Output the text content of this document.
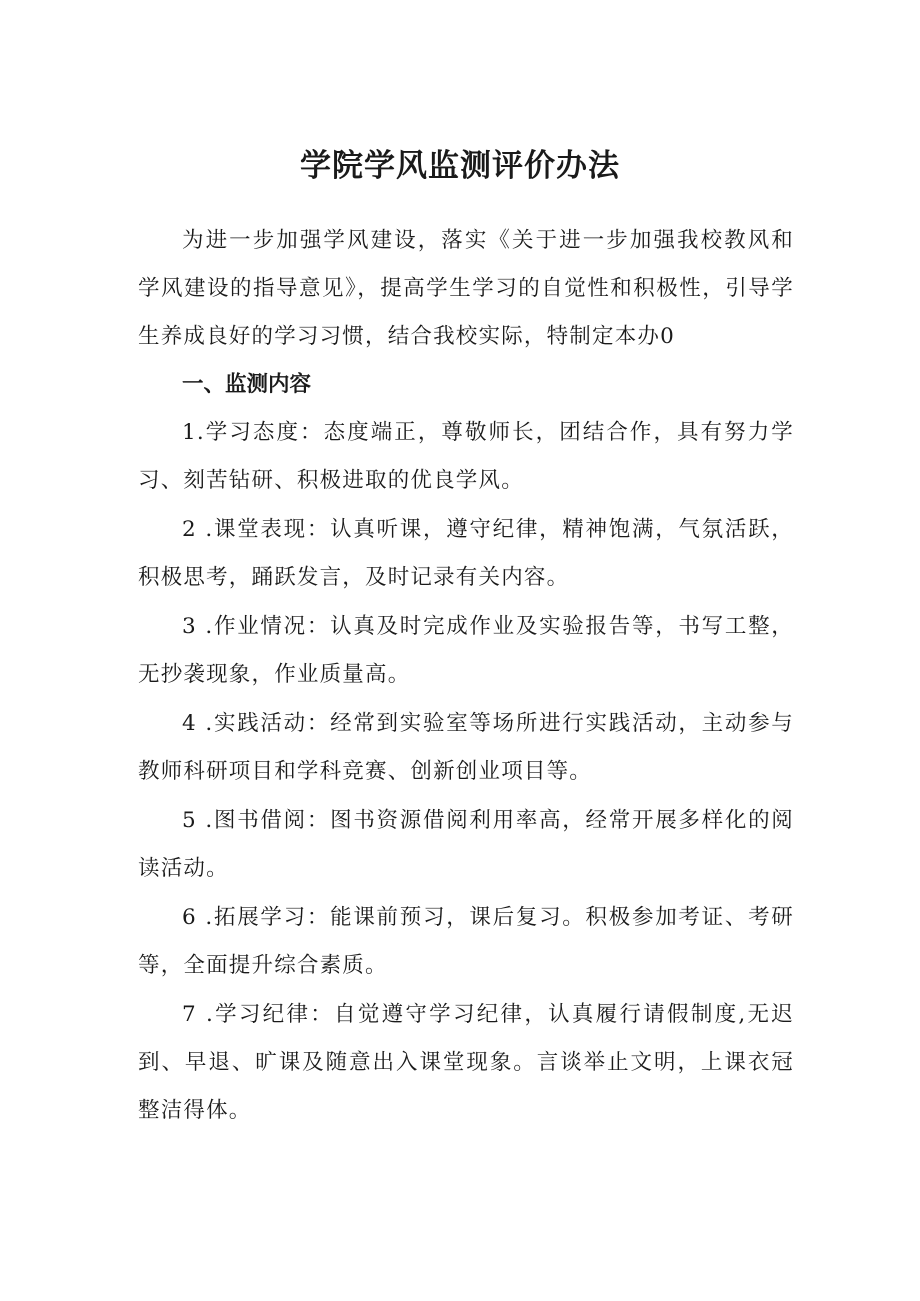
学院学风监测评价办法

为进一步加强学风建设，落实《关于进一步加强我校教风和学风建设的指导意见》，提高学生学习的自觉性和积极性，引导学生养成良好的学习习惯，结合我校实际，特制定本办0

一、监测内容

1.学习态度：态度端正，尊敬师长，团结合作，具有努力学习、刻苦钻研、积极进取的优良学风。

2 .课堂表现：认真听课，遵守纪律，精神饱满，气氛活跃，积极思考，踊跃发言，及时记录有关内容。

3 .作业情况：认真及时完成作业及实验报告等，书写工整，无抄袭现象，作业质量高。

4 .实践活动：经常到实验室等场所进行实践活动，主动参与教师科研项目和学科竞赛、创新创业项目等。

5 .图书借阅：图书资源借阅利用率高，经常开展多样化的阅读活动。

6 .拓展学习：能课前预习，课后复习。积极参加考证、考研等，全面提升综合素质。

7 .学习纪律：自觉遵守学习纪律，认真履行请假制度,无迟到、早退、旷课及随意出入课堂现象。言谈举止文明，上课衣冠整洁得体。
